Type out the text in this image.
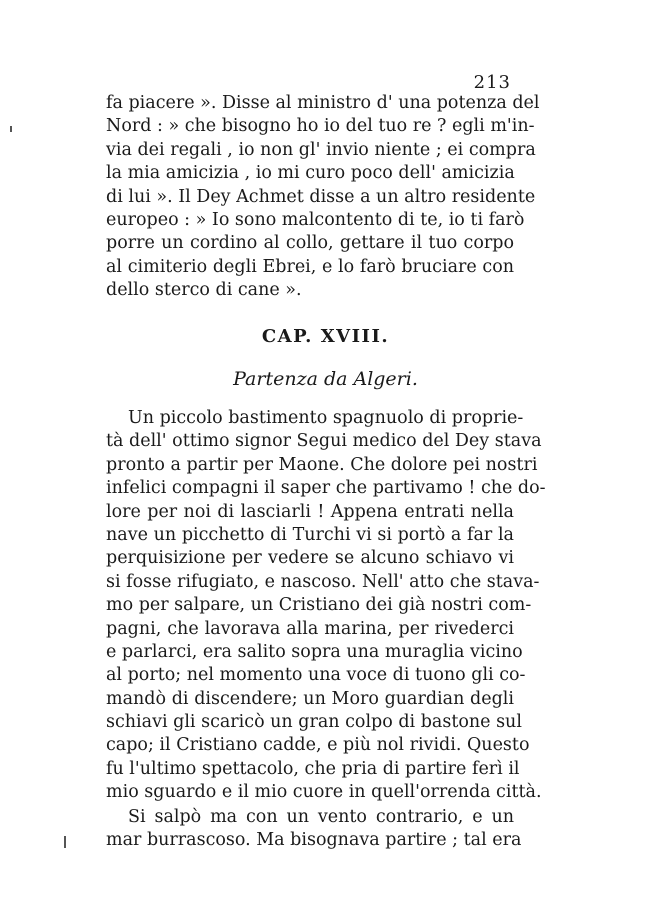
213
fa piacere ». Disse al ministro d' una potenza del
Nord : » che bisogno ho io del tuo re ? egli m'in-
via dei regali , io non gl' invio niente ; ei compra
la mia amicizia , io mi curo poco dell' amicizia
di lui ». Il Dey Achmet disse a un altro residente
europeo : » Io sono malcontento di te, io ti farò
porre un cordino al collo, gettare il tuo corpo
al cimiterio degli Ebrei, e lo farò bruciare con
dello sterco di cane ».
CAP. XVIII.
Partenza da Algeri.
Un piccolo bastimento spagnuolo di proprie-
tà dell' ottimo signor Segui medico del Dey stava
pronto a partir per Maone. Che dolore pei nostri
infelici compagni il saper che partivamo ! che do-
lore per noi di lasciarli ! Appena entrati nella
nave un picchetto di Turchi vi si portò a far la
perquisizione per vedere se alcuno schiavo vi
si fosse rifugiato, e nascoso. Nell' atto che stava-
mo per salpare, un Cristiano dei già nostri com-
pagni, che lavorava alla marina, per rivederci
e parlarci, era salito sopra una muraglia vicino
al porto; nel momento una voce di tuono gli co-
mandò di discendere; un Moro guardian degli
schiavi gli scaricò un gran colpo di bastone sul
capo; il Cristiano cadde, e più nol rividi. Questo
fu l'ultimo spettacolo, che pria di partire ferì il
mio sguardo e il mio cuore in quell'orrenda città.
Si salpò ma con un vento contrario, e un
mar burrascoso. Ma bisognava partire ; tal era
